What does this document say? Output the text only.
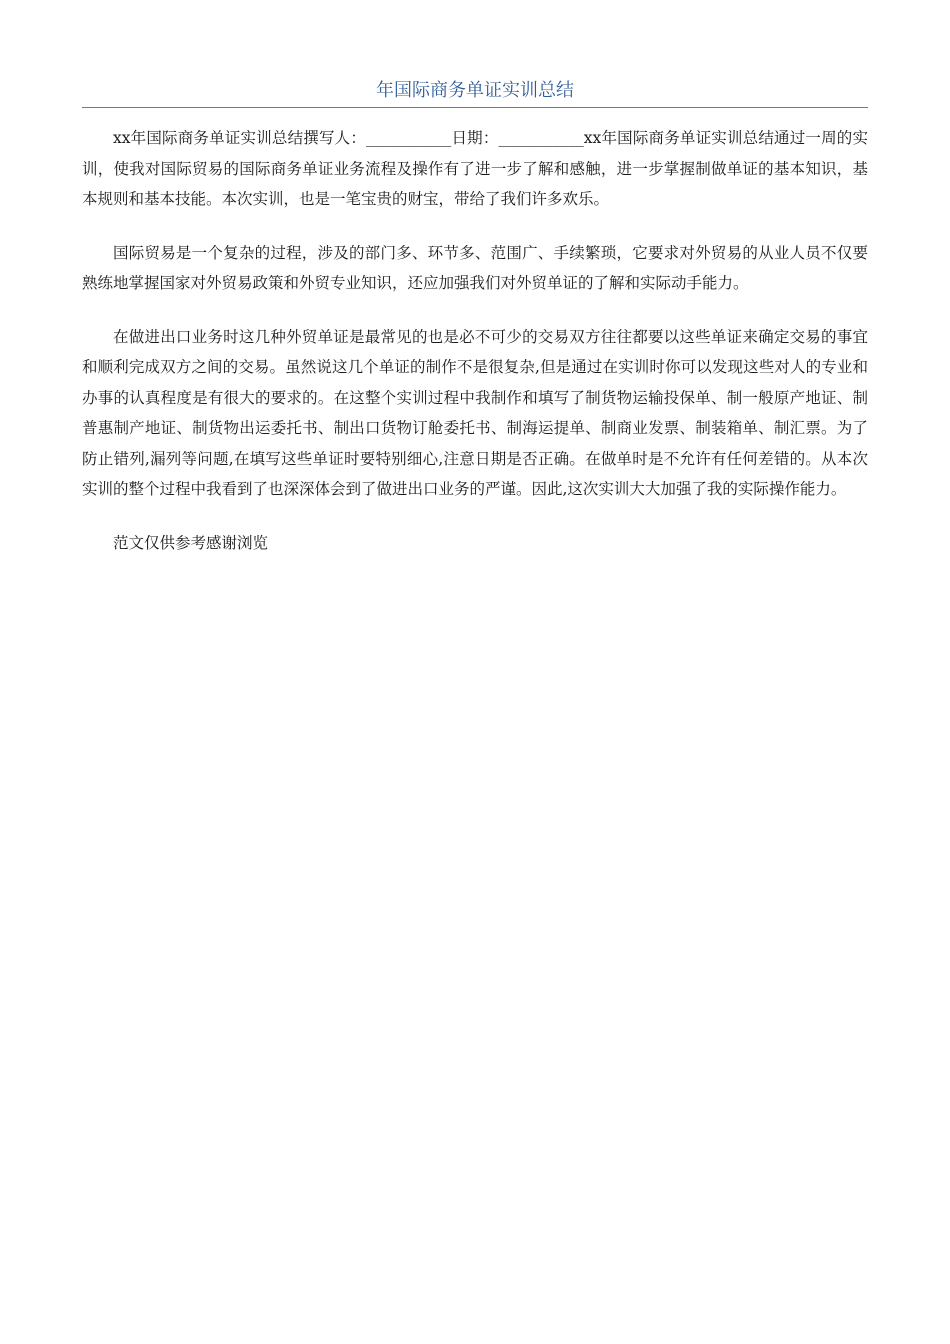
年国际商务单证实训总结

xx年国际商务单证实训总结撰写人：___________日期：___________xx年国际商务单证实训总结通过一周的实训，使我对国际贸易的国际商务单证业务流程及操作有了进一步了解和感触，进一步掌握制做单证的基本知识，基本规则和基本技能。本次实训，也是一笔宝贵的财宝，带给了我们许多欢乐。

国际贸易是一个复杂的过程，涉及的部门多、环节多、范围广、手续繁琐，它要求对外贸易的从业人员不仅要熟练地掌握国家对外贸易政策和外贸专业知识，还应加强我们对外贸单证的了解和实际动手能力。

在做进出口业务时这几种外贸单证是最常见的也是必不可少的交易双方往往都要以这些单证来确定交易的事宜和顺利完成双方之间的交易。虽然说这几个单证的制作不是很复杂,但是通过在实训时你可以发现这些对人的专业和办事的认真程度是有很大的要求的。在这整个实训过程中我制作和填写了制货物运输投保单、制一般原产地证、制普惠制产地证、制货物出运委托书、制出口货物订舱委托书、制海运提单、制商业发票、制装箱单、制汇票。为了防止错列,漏列等问题,在填写这些单证时要特别细心,注意日期是否正确。在做单时是不允许有任何差错的。从本次实训的整个过程中我看到了也深深体会到了做进出口业务的严谨。因此,这次实训大大加强了我的实际操作能力。

范文仅供参考感谢浏览
